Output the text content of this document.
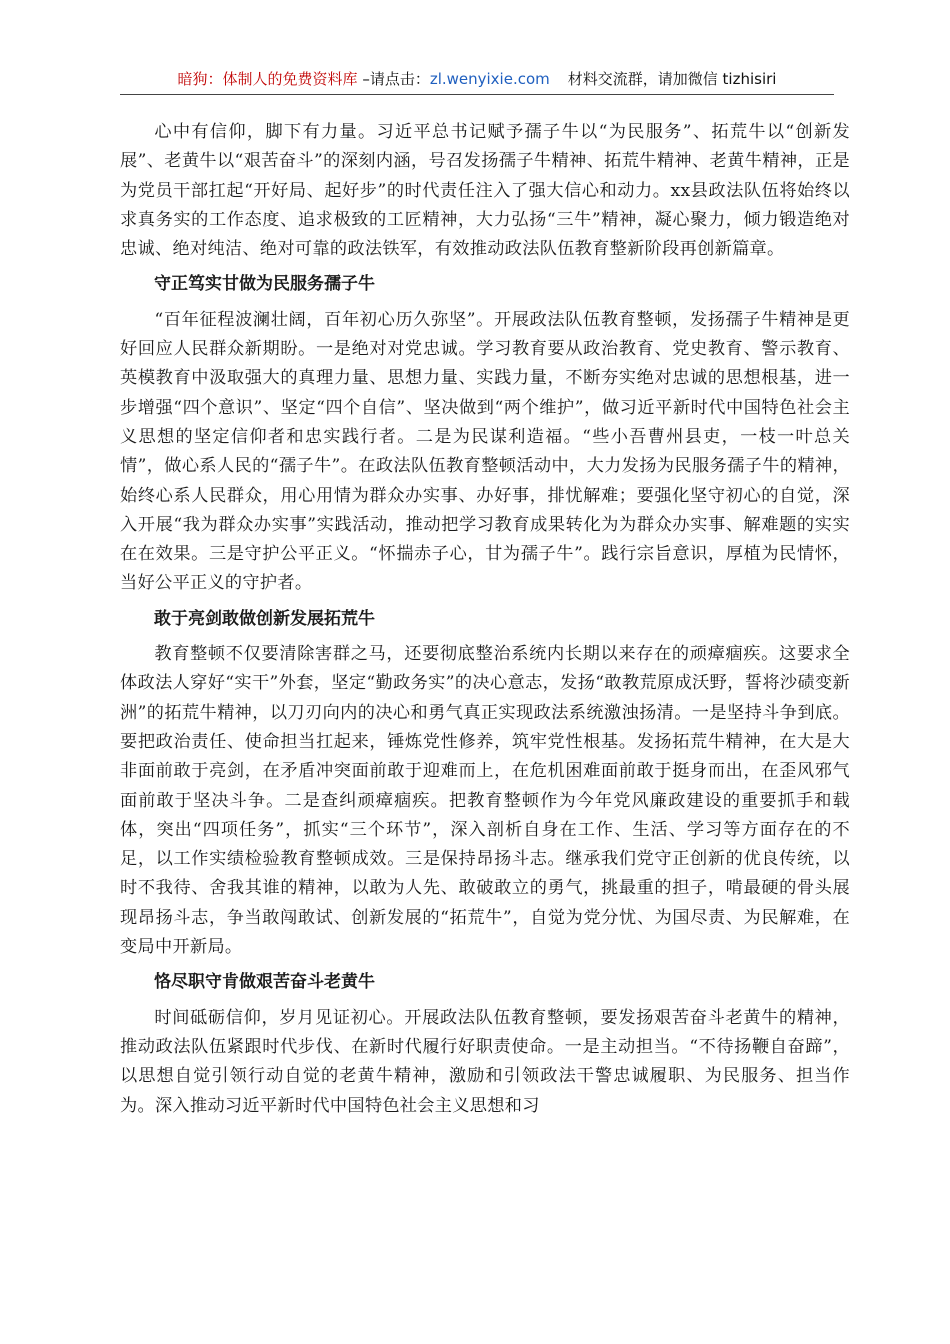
暗狗：体制人的免费资料库 –请点击：zl.wenyixie.com 材料交流群，请加微信 tizhisiri

心中有信仰，脚下有力量。习近平总书记赋予孺子牛以“为民服务”、拓荒牛以“创新发展”、老黄牛以“艰苦奋斗”的深刻内涵，号召发扬孺子牛精神、拓荒牛精神、老黄牛精神，正是为党员干部扛起“开好局、起好步”的时代责任注入了强大信心和动力。xx县政法队伍将始终以求真务实的工作态度、追求极致的工匠精神，大力弘扬“三牛”精神，凝心聚力，倾力锻造绝对忠诚、绝对纯洁、绝对可靠的政法铁军，有效推动政法队伍教育整新阶段再创新篇章。

守正笃实甘做为民服务孺子牛

“百年征程波澜壮阔，百年初心历久弥坚”。开展政法队伍教育整顿，发扬孺子牛精神是更好回应人民群众新期盼。一是绝对对党忠诚。学习教育要从政治教育、党史教育、警示教育、英模教育中汲取强大的真理力量、思想力量、实践力量，不断夯实绝对忠诚的思想根基，进一步增强“四个意识”、坚定“四个自信”、坚决做到“两个维护”，做习近平新时代中国特色社会主义思想的坚定信仰者和忠实践行者。二是为民谋利造福。“些小吾曹州县吏，一枝一叶总关情”，做心系人民的“孺子牛”。在政法队伍教育整顿活动中，大力发扬为民服务孺子牛的精神，始终心系人民群众，用心用情为群众办实事、办好事，排忧解难；要强化坚守初心的自觉，深入开展“我为群众办实事”实践活动，推动把学习教育成果转化为为群众办实事、解难题的实实在在效果。三是守护公平正义。“怀揣赤子心，甘为孺子牛”。践行宗旨意识，厚植为民情怀，当好公平正义的守护者。

敢于亮剑敢做创新发展拓荒牛

教育整顿不仅要清除害群之马，还要彻底整治系统内长期以来存在的顽瘴痼疾。这要求全体政法人穿好“实干”外套，坚定“勤政务实”的决心意志，发扬“敢教荒原成沃野，誓将沙碛变新洲”的拓荒牛精神，以刀刃向内的决心和勇气真正实现政法系统激浊扬清。一是坚持斗争到底。要把政治责任、使命担当扛起来，锤炼党性修养，筑牢党性根基。发扬拓荒牛精神，在大是大非面前敢于亮剑，在矛盾冲突面前敢于迎难而上，在危机困难面前敢于挺身而出，在歪风邪气面前敢于坚决斗争。二是查纠顽瘴痼疾。把教育整顿作为今年党风廉政建设的重要抓手和载体，突出“四项任务”，抓实“三个环节”，深入剖析自身在工作、生活、学习等方面存在的不足，以工作实绩检验教育整顿成效。三是保持昂扬斗志。继承我们党守正创新的优良传统，以时不我待、舍我其谁的精神，以敢为人先、敢破敢立的勇气，挑最重的担子，啃最硬的骨头展现昂扬斗志，争当敢闯敢试、创新发展的“拓荒牛”，自觉为党分忧、为国尽责、为民解难，在变局中开新局。

恪尽职守肯做艰苦奋斗老黄牛

时间砥砺信仰，岁月见证初心。开展政法队伍教育整顿，要发扬艰苦奋斗老黄牛的精神，推动政法队伍紧跟时代步伐、在新时代履行好职责使命。一是主动担当。“不待扬鞭自奋蹄”，以思想自觉引领行动自觉的老黄牛精神，激励和引领政法干警忠诚履职、为民服务、担当作为。深入推动习近平新时代中国特色社会主义思想和习
